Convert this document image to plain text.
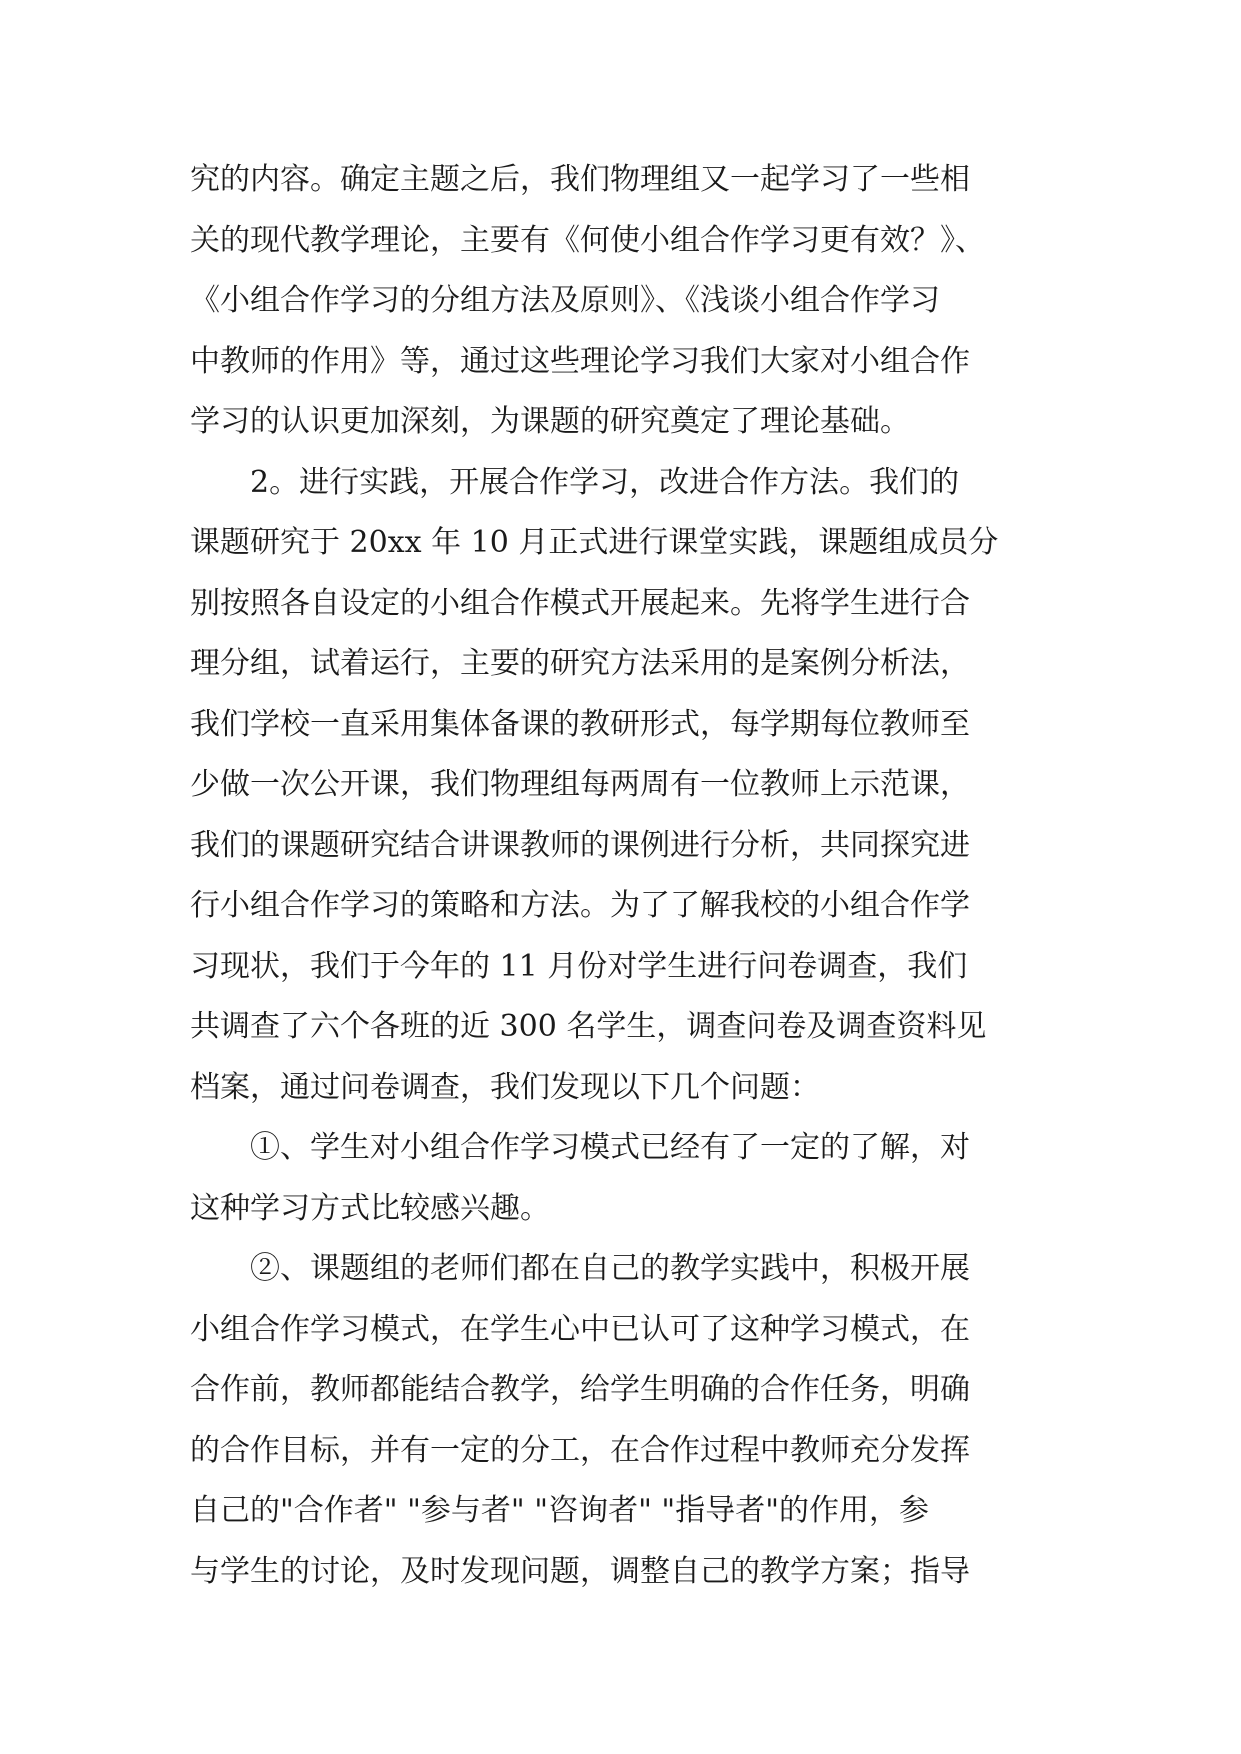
究的内容。确定主题之后，我们物理组又一起学习了一些相
关的现代教学理论，主要有《何使小组合作学习更有效？》、
《小组合作学习的分组方法及原则》、《浅谈小组合作学习
中教师的作用》等，通过这些理论学习我们大家对小组合作
学习的认识更加深刻，为课题的研究奠定了理论基础。
　　2。进行实践，开展合作学习，改进合作方法。我们的
课题研究于 20xx 年 10 月正式进行课堂实践，课题组成员分
别按照各自设定的小组合作模式开展起来。先将学生进行合
理分组，试着运行，主要的研究方法采用的是案例分析法，
我们学校一直采用集体备课的教研形式，每学期每位教师至
少做一次公开课，我们物理组每两周有一位教师上示范课，
我们的课题研究结合讲课教师的课例进行分析，共同探究进
行小组合作学习的策略和方法。为了了解我校的小组合作学
习现状，我们于今年的 11 月份对学生进行问卷调查，我们
共调查了六个各班的近 300 名学生，调查问卷及调查资料见
档案，通过问卷调查，我们发现以下几个问题：
　　①、学生对小组合作学习模式已经有了一定的了解，对
这种学习方式比较感兴趣。
　　②、课题组的老师们都在自己的教学实践中，积极开展
小组合作学习模式，在学生心中已认可了这种学习模式，在
合作前，教师都能结合教学，给学生明确的合作任务，明确
的合作目标，并有一定的分工，在合作过程中教师充分发挥
自己的"合作者" "参与者" "咨询者" "指导者"的作用，参
与学生的讨论，及时发现问题，调整自己的教学方案；指导
